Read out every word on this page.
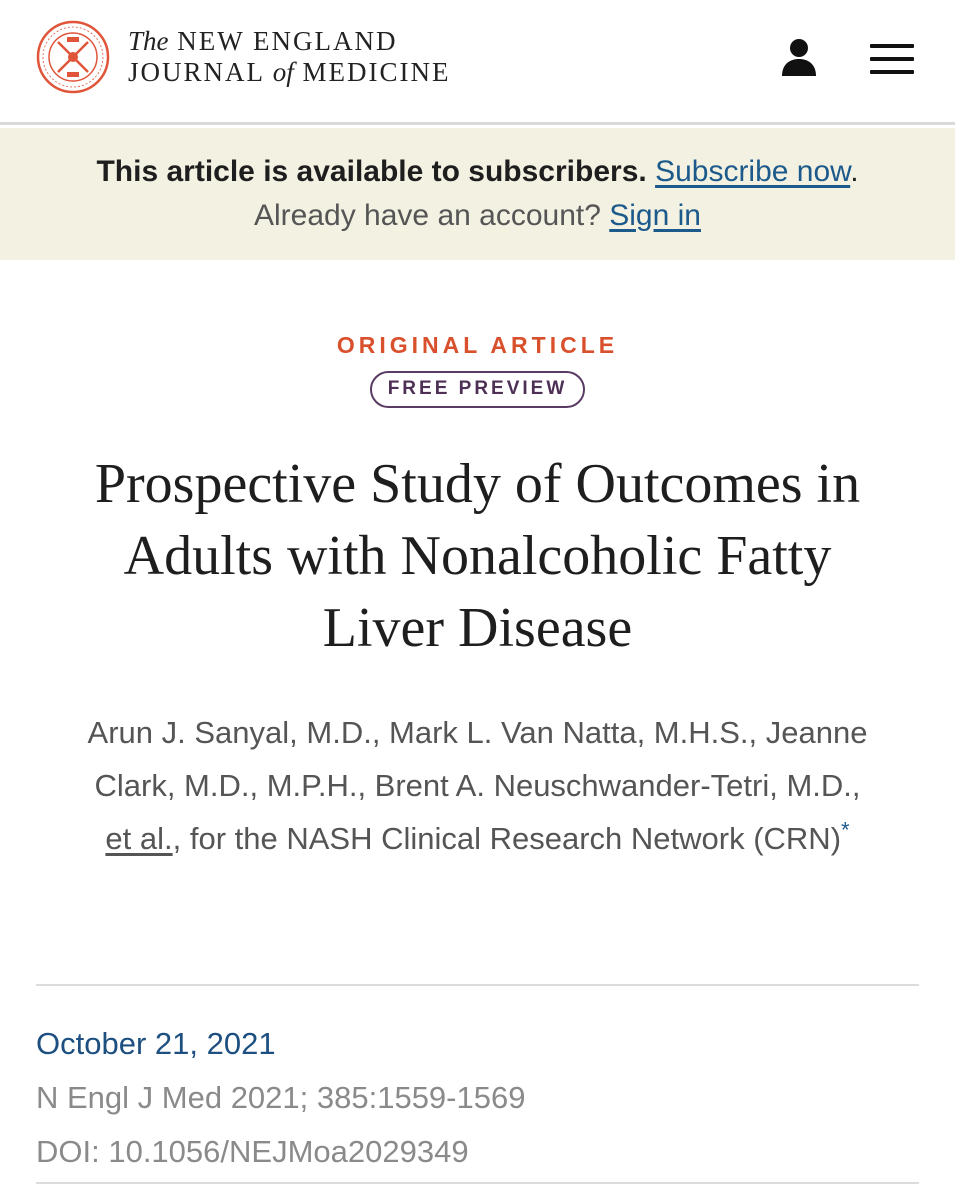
The NEW ENGLAND
JOURNAL of MEDICINE
This article is available to subscribers. Subscribe now.
Already have an account? Sign in
ORIGINAL ARTICLE
FREE PREVIEW
Prospective Study of Outcomes in Adults with Nonalcoholic Fatty Liver Disease
Arun J. Sanyal, M.D., Mark L. Van Natta, M.H.S., Jeanne Clark, M.D., M.P.H., Brent A. Neuschwander-Tetri, M.D., et al., for the NASH Clinical Research Network (CRN)*
October 21, 2021
N Engl J Med 2021; 385:1559-1569
DOI: 10.1056/NEJMoa2029349
